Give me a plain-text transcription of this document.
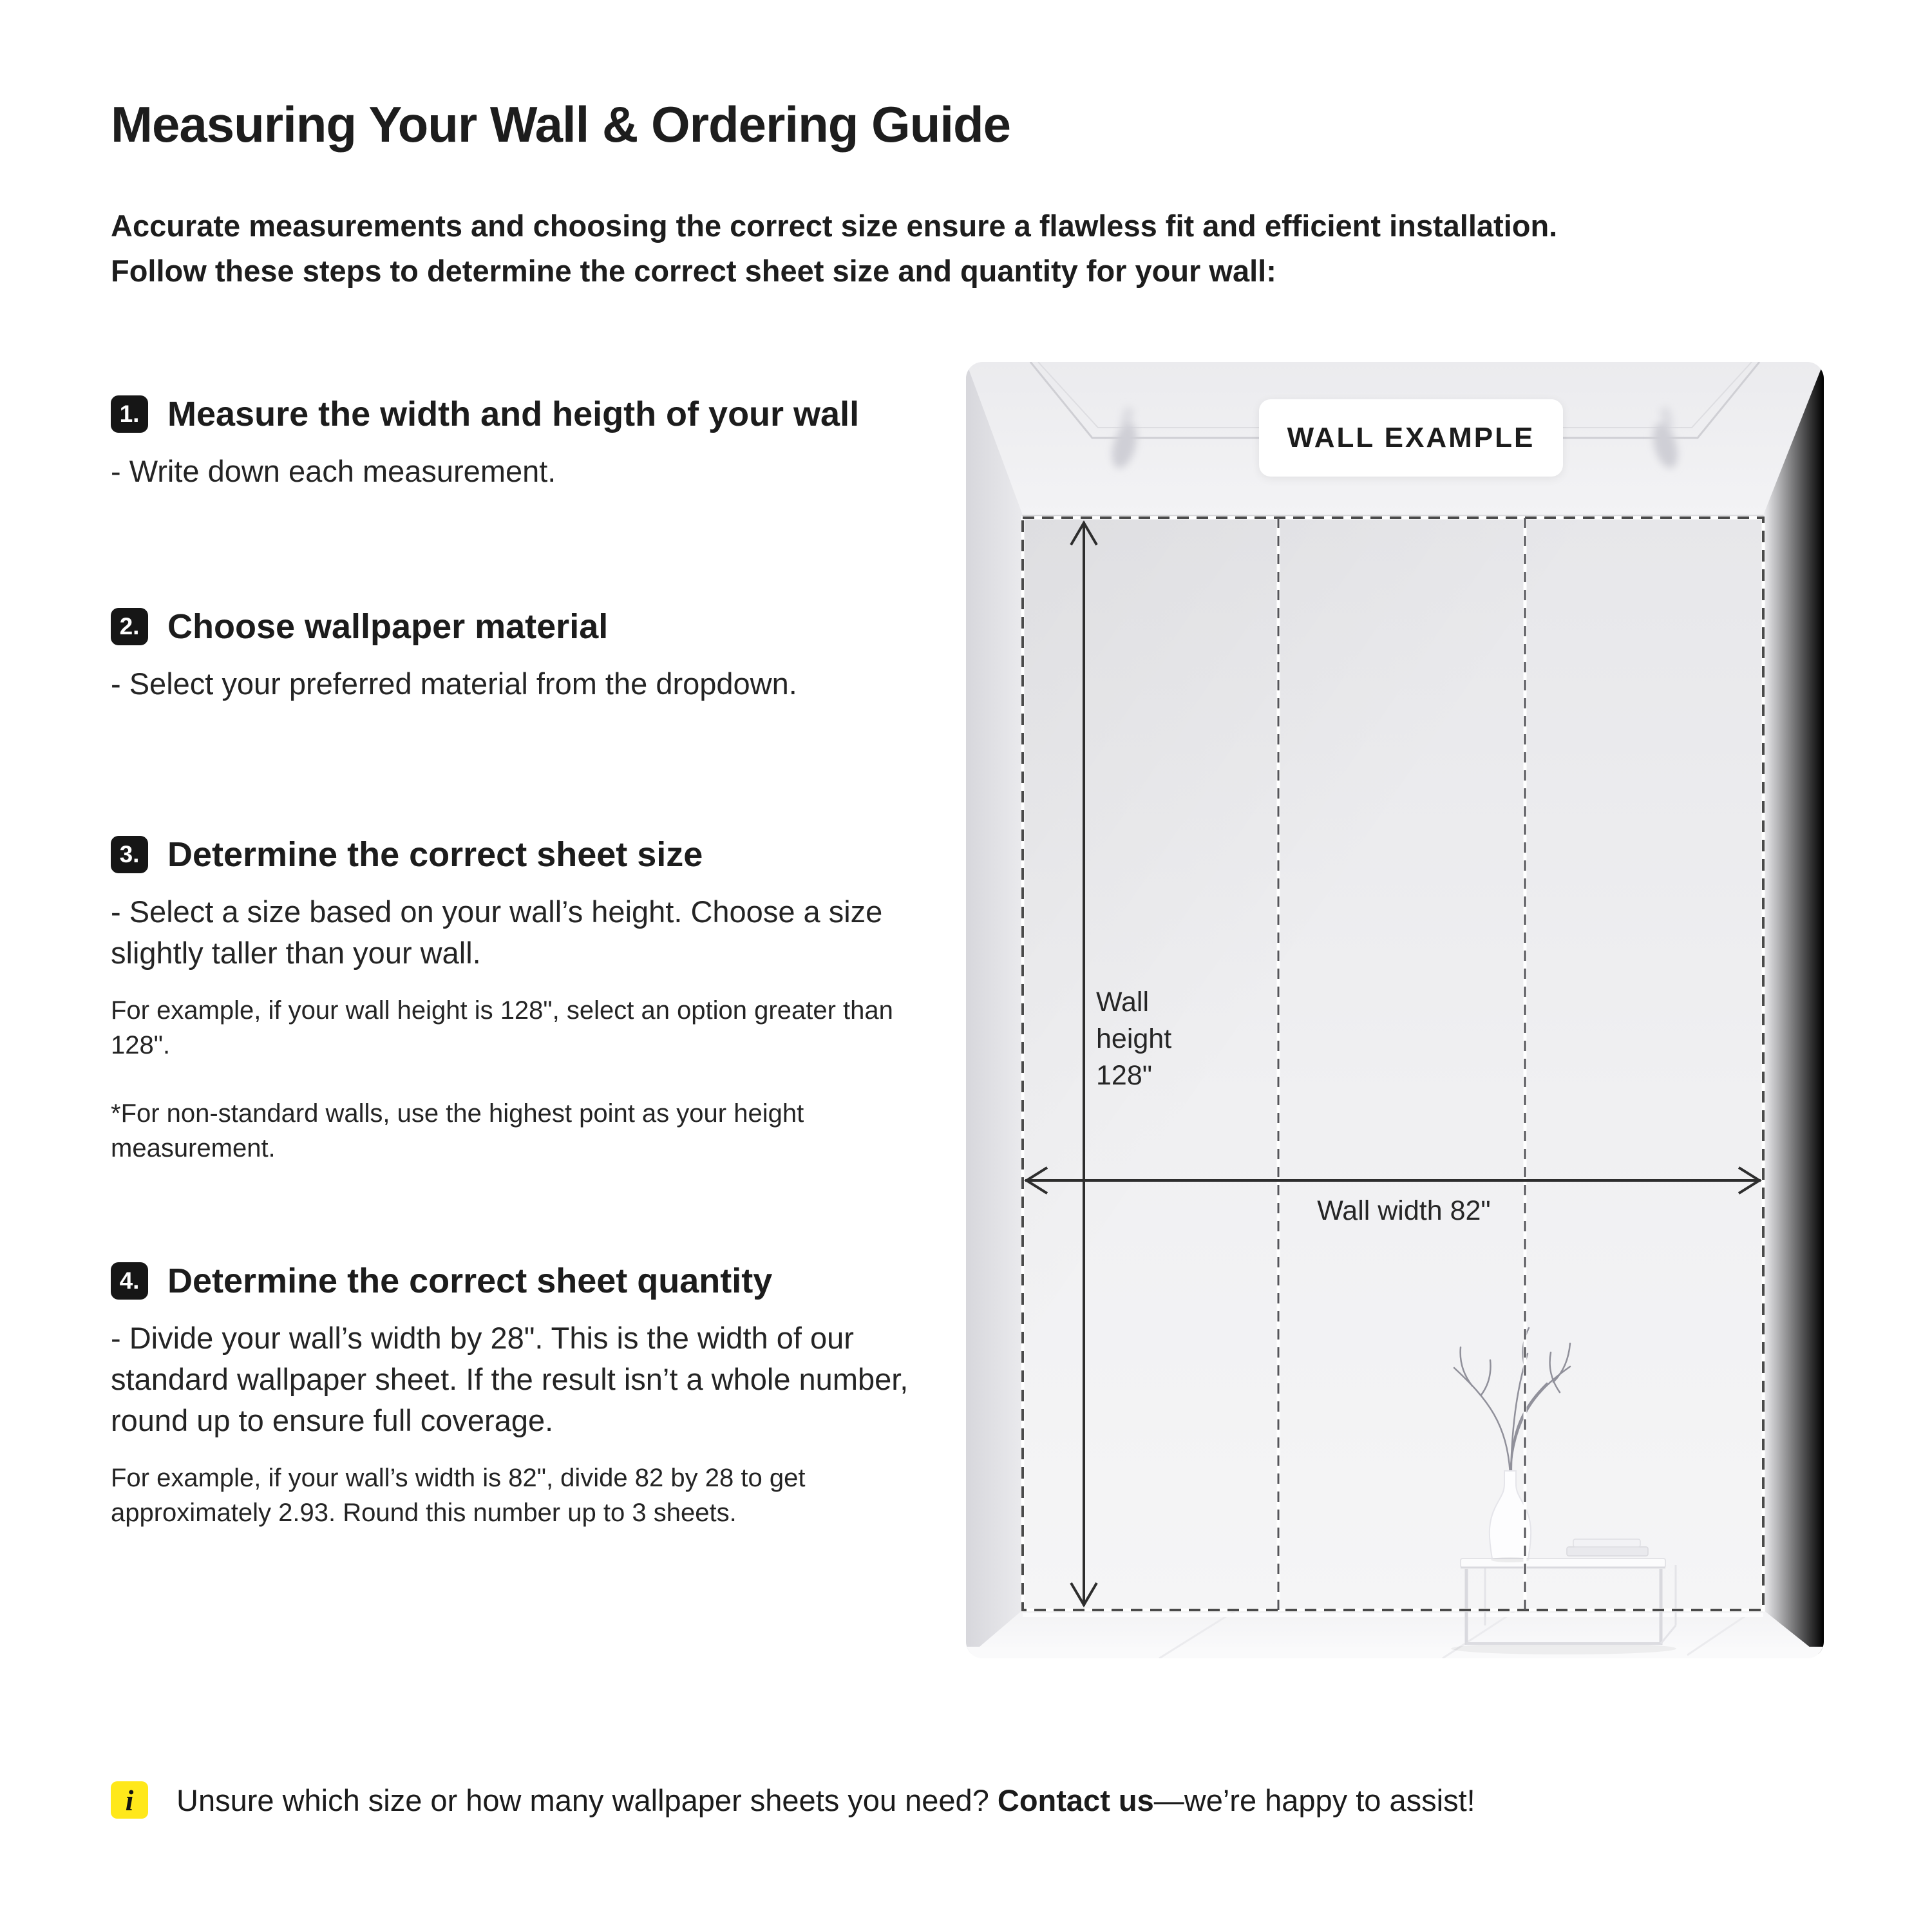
Measuring Your Wall & Ordering Guide
Accurate measurements and choosing the correct size ensure a flawless fit and efficient installation.
Follow these steps to determine the correct sheet size and quantity for your wall:
1. Measure the width and heigth of your wall
- Write down each measurement.
2. Choose wallpaper material
- Select your preferred material from the dropdown.
3. Determine the correct sheet size
- Select a size based on your wall’s height. Choose a size slightly taller than your wall.
For example, if your wall height is 128", select an option greater than 128".
*For non-standard walls, use the highest point as your height measurement.
4. Determine the correct sheet quantity
- Divide your wall’s width by 28". This is the width of our standard wallpaper sheet. If the result isn’t a whole number, round up to ensure full coverage.
For example, if your wall’s width is 82", divide 82 by 28 to get approximately 2.93. Round this number up to 3 sheets.
WALL EXAMPLE
Wall
height
128"
Wall width 82"
i	Unsure which size or how many wallpaper sheets you need? Contact us—we’re happy to assist!
